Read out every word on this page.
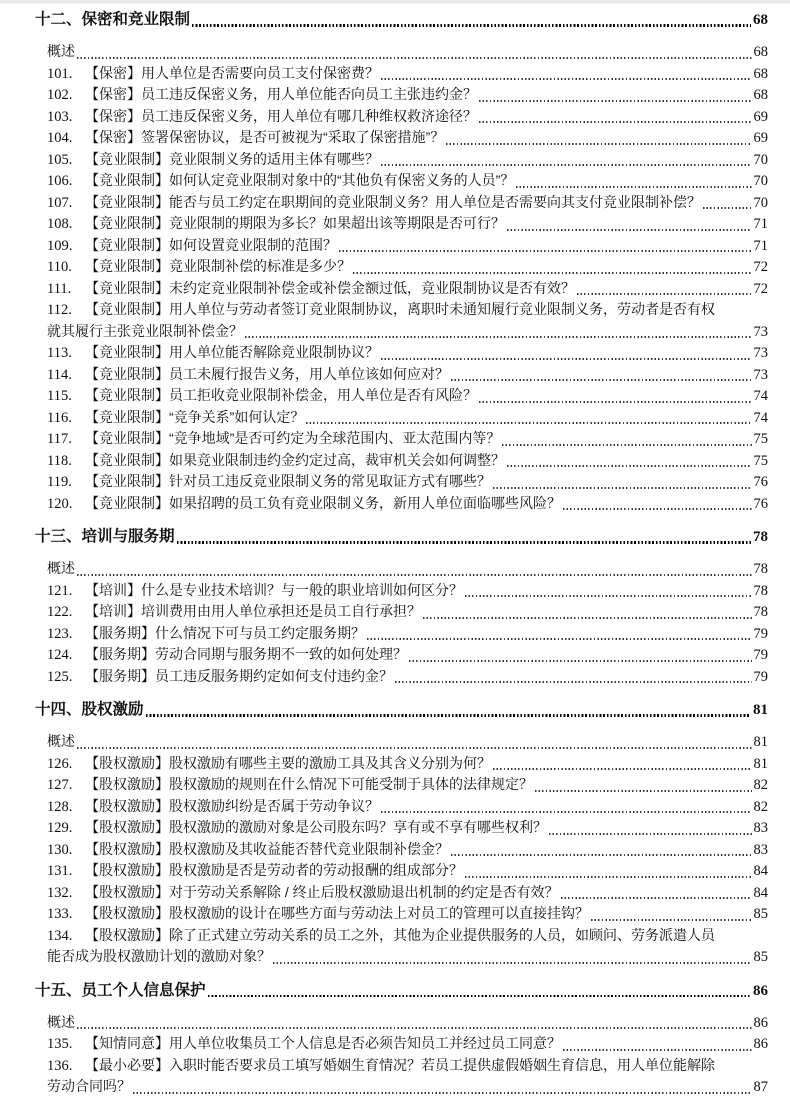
十二、保密和竞业限制	68
概述	68
101. 【保密】用人单位是否需要向员工支付保密费？	68
102. 【保密】员工违反保密义务，用人单位能否向员工主张违约金？	68
103. 【保密】员工违反保密义务，用人单位有哪几种维权救济途径？	69
104. 【保密】签署保密协议，是否可被视为“采取了保密措施”？	69
105. 【竞业限制】竞业限制义务的适用主体有哪些？	70
106. 【竞业限制】如何认定竞业限制对象中的“其他负有保密义务的人员”？	70
107. 【竞业限制】能否与员工约定在职期间的竞业限制义务？用人单位是否需要向其支付竞业限制补偿？	70
108. 【竞业限制】竞业限制的期限为多长？如果超出该等期限是否可行？	71
109. 【竞业限制】如何设置竞业限制的范围？	71
110. 【竞业限制】竞业限制补偿的标准是多少？	72
111. 【竞业限制】未约定竞业限制补偿金或补偿金额过低，竞业限制协议是否有效？	72
112. 【竞业限制】用人单位与劳动者签订竞业限制协议，离职时未通知履行竞业限制义务，劳动者是否有权
就其履行主张竞业限制补偿金？	73
113. 【竞业限制】用人单位能否解除竞业限制协议？	73
114. 【竞业限制】员工未履行报告义务，用人单位该如何应对？	73
115. 【竞业限制】员工拒收竞业限制补偿金，用人单位是否有风险？	74
116. 【竞业限制】“竞争关系”如何认定？	74
117. 【竞业限制】“竞争地域”是否可约定为全球范围内、亚太范围内等？	75
118. 【竞业限制】如果竞业限制违约金约定过高，裁审机关会如何调整？	75
119. 【竞业限制】针对员工违反竞业限制义务的常见取证方式有哪些？	76
120. 【竞业限制】如果招聘的员工负有竞业限制义务，新用人单位面临哪些风险？	76
十三、培训与服务期	78
概述	78
121. 【培训】什么是专业技术培训？与一般的职业培训如何区分？	78
122. 【培训】培训费用由用人单位承担还是员工自行承担？	78
123. 【服务期】什么情况下可与员工约定服务期？	79
124. 【服务期】劳动合同期与服务期不一致的如何处理？	79
125. 【服务期】员工违反服务期约定如何支付违约金？	79
十四、股权激励	81
概述	81
126. 【股权激励】股权激励有哪些主要的激励工具及其含义分别为何？	81
127. 【股权激励】股权激励的规则在什么情况下可能受制于具体的法律规定？	82
128. 【股权激励】股权激励纠纷是否属于劳动争议？	82
129. 【股权激励】股权激励的激励对象是公司股东吗？享有或不享有哪些权利？	83
130. 【股权激励】股权激励及其收益能否替代竞业限制补偿金？	83
131. 【股权激励】股权激励是否是劳动者的劳动报酬的组成部分？	84
132. 【股权激励】对于劳动关系解除 / 终止后股权激励退出机制的约定是否有效？	84
133. 【股权激励】股权激励的设计在哪些方面与劳动法上对员工的管理可以直接挂钩？	85
134. 【股权激励】除了正式建立劳动关系的员工之外，其他为企业提供服务的人员，如顾问、劳务派遣人员
能否成为股权激励计划的激励对象？	85
十五、员工个人信息保护	86
概述	86
135. 【知情同意】用人单位收集员工个人信息是否必须告知员工并经过员工同意？	86
136. 【最小必要】入职时能否要求员工填写婚姻生育情况？若员工提供虚假婚姻生育信息，用人单位能解除
劳动合同吗？	87
